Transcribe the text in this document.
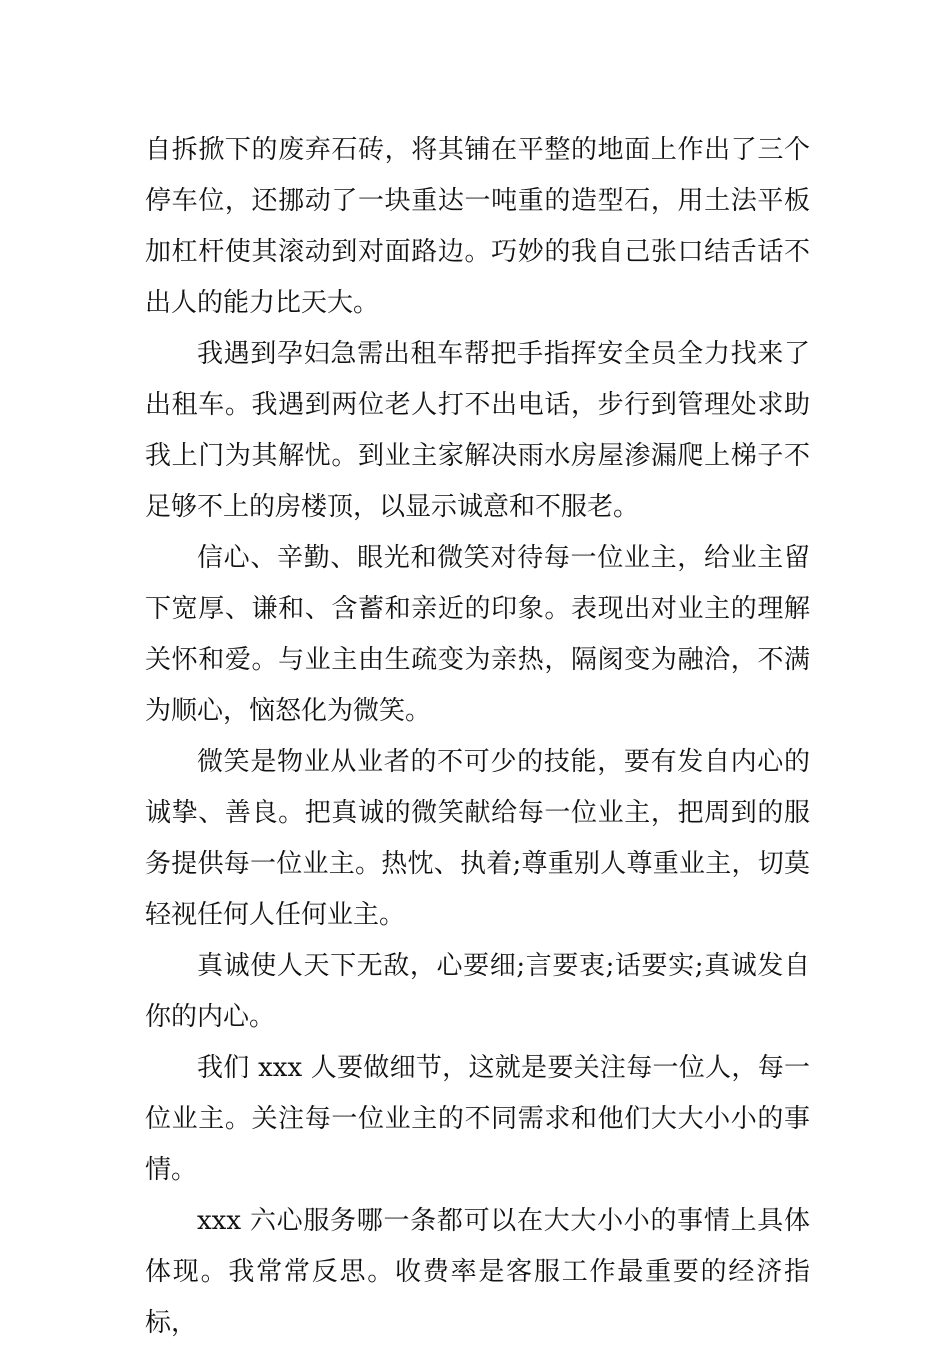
自拆掀下的废弃石砖，将其铺在平整的地面上作出了三个停车位，还挪动了一块重达一吨重的造型石，用土法平板加杠杆使其滚动到对面路边。巧妙的我自己张口结舌话不出人的能力比天大。

我遇到孕妇急需出租车帮把手指挥安全员全力找来了出租车。我遇到两位老人打不出电话，步行到管理处求助我上门为其解忧。到业主家解决雨水房屋渗漏爬上梯子不足够不上的房楼顶，以显示诚意和不服老。

信心、辛勤、眼光和微笑对待每一位业主，给业主留下宽厚、谦和、含蓄和亲近的印象。表现出对业主的理解关怀和爱。与业主由生疏变为亲热，隔阂变为融洽，不满为顺心，恼怒化为微笑。

微笑是物业从业者的不可少的技能，要有发自内心的诚挚、善良。把真诚的微笑献给每一位业主，把周到的服务提供每一位业主。热忱、执着;尊重别人尊重业主，切莫轻视任何人任何业主。

真诚使人天下无敌，心要细;言要衷;话要实;真诚发自你的内心。

我们 xxx 人要做细节，这就是要关注每一位人，每一位业主。关注每一位业主的不同需求和他们大大小小的事情。

xxx 六心服务哪一条都可以在大大小小的事情上具体体现。我常常反思。收费率是客服工作最重要的经济指标，
